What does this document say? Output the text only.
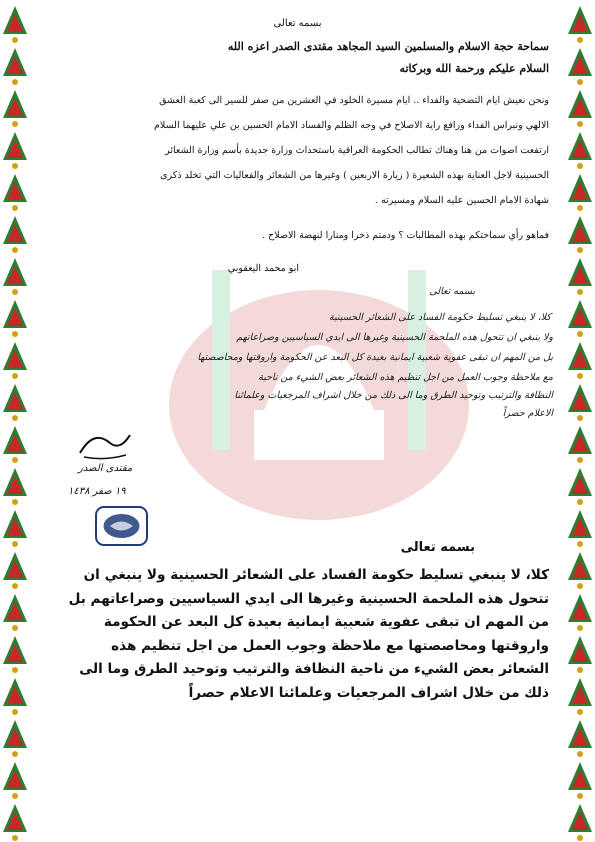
بسمه تعالى
سماحة حجة الاسلام والمسلمين السيد المجاهد مقتدى الصدر اعزه الله
السلام عليكم ورحمة الله وبركاته
ونحن نعيش ايام التضحية والفداء .. ايام مسيرة الخلود في العشرين من صفر للسير الى كعبة العشق
الالهي ونبراس الفداء ورافع راية الاصلاح في وجه الظلم والفساد الامام الحسين بن علي عليهما السلام
ارتفعت اصوات من هنا وهناك تطالب الحكومة العراقية باستحداث وزارة جديدة بأسم وزارة الشعائر
الحسينية لاجل العناية بهذه الشعيرة ( زيارة الاربعين ) وغيرها من الشعائر والفعاليات التي تخلد ذكرى
شهادة الامام الحسين عليه السلام ومسيرته .
فماهو رأي سماحتكم بهذه المطالبات ؟ ودمتم ذخرا ومنارا لنهضة الاصلاح .
ابو محمد اليعقوبي
بسمه تعالى
كلا، لا ينبغي تسليط حكومة الفساد على الشعائر الحسينية
ولا ينبغي ان تتحول هذه الملحمة الحسينية وغيرها الى ايدي السياسيين وصراعاتهم
بل من المهم ان تبقى عفوية شعبية ايمانية بعيدة كل البعد عن الحكومة واروقتها ومحاصصتها
مع ملاحظة وجوب العمل من اجل تنظيم هذه الشعائر بعض الشيء من ناحية
النظافة والترتيب وتوحيد الطرق وما الى ذلك من خلال اشراف المرجعيات وعلمائنا
الاعلام حصراً
مقتدى الصدر
١٩ صفر ١٤٣٨
بسمه تعالى
كلا، لا ينبغي تسليط حكومة الفساد على الشعائر الحسينية ولا ينبغي ان
تتحول هذه الملحمة الحسينية وغيرها الى ايدي السياسيين وصراعاتهم بل
من المهم ان تبقى عفوية شعبية ايمانية بعيدة كل البعد عن الحكومة
واروقتها ومحاصصتها مع ملاحظة وجوب العمل من اجل تنظيم هذه
الشعائر بعض الشيء من ناحية النظافة والترتيب وتوحيد الطرق وما الى
ذلك من خلال اشراف المرجعيات وعلمائنا الاعلام حصراً
